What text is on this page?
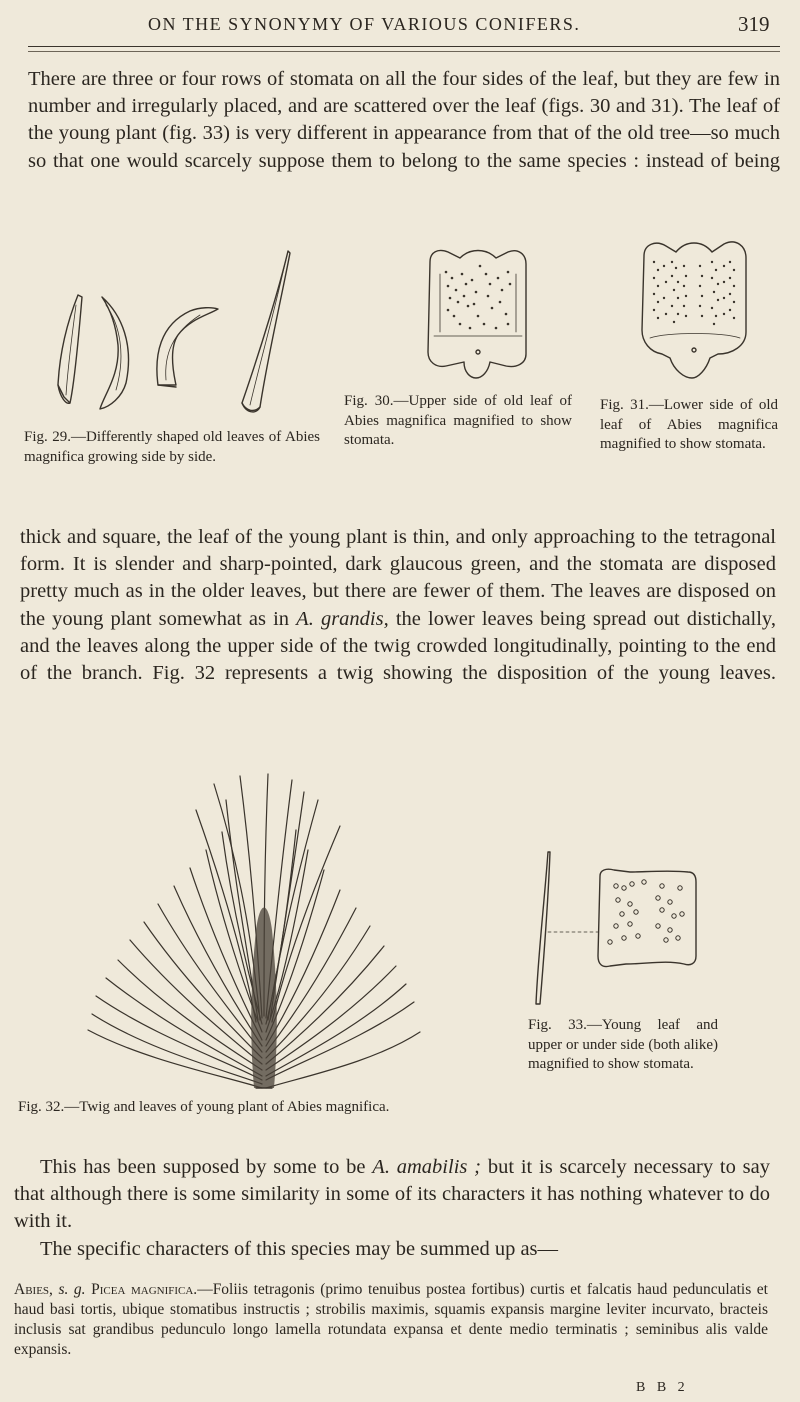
ON THE SYNONYMY OF VARIOUS CONIFERS.	319

There are three or four rows of stomata on all the four sides of the leaf, but they are few in number and irregularly placed, and are scattered over the leaf (figs. 30 and 31). The leaf of the young plant (fig. 33) is very different in appearance from that of the old tree—so much so that one would scarcely suppose them to belong to the same species : instead of being

Fig. 29.—Differently shaped old leaves of Abies magnifica growing side by side.

Fig. 30.—Upper side of old leaf of Abies magnifica magnified to show stomata.

Fig. 31.—Lower side of old leaf of Abies magnifica magnified to show stomata.

thick and square, the leaf of the young plant is thin, and only approaching to the tetragonal form. It is slender and sharp-pointed, dark glaucous green, and the stomata are disposed pretty much as in the older leaves, but there are fewer of them. The leaves are disposed on the young plant somewhat as in A. grandis, the lower leaves being spread out distichally, and the leaves along the upper side of the twig crowded longitudinally, pointing to the end of the branch. Fig. 32 represents a twig showing the disposition of the young leaves.

Fig. 32.—Twig and leaves of young plant of Abies magnifica.

Fig. 33.—Young leaf and upper or under side (both alike) magnified to show stomata.

This has been supposed by some to be A. amabilis ; but it is scarcely necessary to say that although there is some similarity in some of its characters it has nothing whatever to do with it.

The specific characters of this species may be summed up as—

Abies, s. g. Picea magnifica.—Foliis tetragonis (primo tenuibus postea fortibus) curtis et falcatis haud pedunculatis et haud basi tortis, ubique stomatibus instructis ; strobilis maximis, squamis expansis margine leviter incurvato, bracteis inclusis sat grandibus pedunculo longo lamella rotundata expansa et dente medio terminatis ; seminibus alis valde expansis.

B B 2
